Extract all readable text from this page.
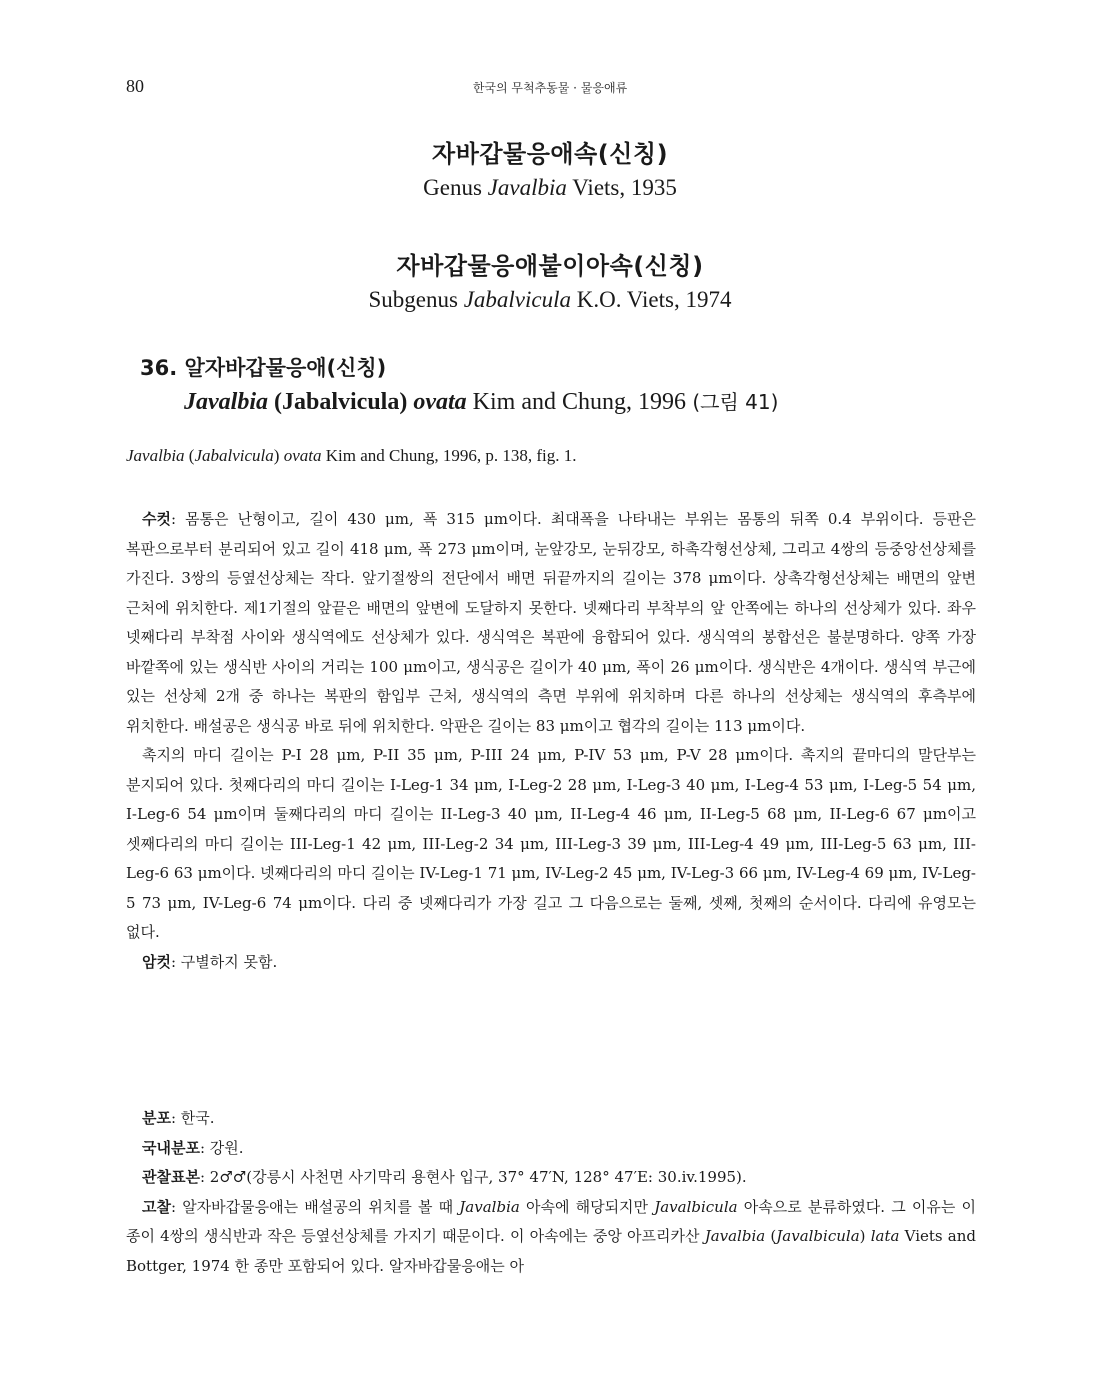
80	한국의 무척추동물 · 물응애류
자바갑물응애속(신칭)
Genus Javalbia Viets, 1935
자바갑물응애붙이아속(신칭)
Subgenus Jabalvicula K.O. Viets, 1974
36. 알자바갑물응애(신칭)
Javalbia (Jabalvicula) ovata Kim and Chung, 1996 (그림 41)
Javalbia (Jabalvicula) ovata Kim and Chung, 1996, p. 138, fig. 1.

수컷: 몸통은 난형이고, 길이 430 μm, 폭 315 μm이다. 최대폭을 나타내는 부위는 몸통의 뒤쪽 0.4 부위이다. 등판은 복판으로부터 분리되어 있고 길이 418 μm, 폭 273 μm이며, 눈앞강모, 눈뒤강모, 하촉각형선상체, 그리고 4쌍의 등중앙선상체를 가진다. 3쌍의 등옆선상체는 작다. 앞기절쌍의 전단에서 배면 뒤끝까지의 길이는 378 μm이다. 상촉각형선상체는 배면의 앞변 근처에 위치한다. 제1기절의 앞끝은 배면의 앞변에 도달하지 못한다. 넷째다리 부착부의 앞 안쪽에는 하나의 선상체가 있다. 좌우 넷째다리 부착점 사이와 생식역에도 선상체가 있다. 생식역은 복판에 융합되어 있다. 생식역의 봉합선은 불분명하다. 양쪽 가장 바깥쪽에 있는 생식반 사이의 거리는 100 μm이고, 생식공은 길이가 40 μm, 폭이 26 μm이다. 생식반은 4개이다. 생식역 부근에 있는 선상체 2개 중 하나는 복판의 함입부 근처, 생식역의 측면 부위에 위치하며 다른 하나의 선상체는 생식역의 후측부에 위치한다. 배설공은 생식공 바로 뒤에 위치한다. 악판은 길이는 83 μm이고 협각의 길이는 113 μm이다.

촉지의 마디 길이는 P-I 28 μm, P-II 35 μm, P-III 24 μm, P-IV 53 μm, P-V 28 μm이다. 촉지의 끝마디의 말단부는 분지되어 있다. 첫째다리의 마디 길이는 I-Leg-1 34 μm, I-Leg-2 28 μm, I-Leg-3 40 μm, I-Leg-4 53 μm, I-Leg-5 54 μm, I-Leg-6 54 μm이며 둘째다리의 마디 길이는 II-Leg-3 40 μm, II-Leg-4 46 μm, II-Leg-5 68 μm, II-Leg-6 67 μm이고 셋째다리의 마디 길이는 III-Leg-1 42 μm, III-Leg-2 34 μm, III-Leg-3 39 μm, III-Leg-4 49 μm, III-Leg-5 63 μm, III-Leg-6 63 μm이다. 넷째다리의 마디 길이는 IV-Leg-1 71 μm, IV-Leg-2 45 μm, IV-Leg-3 66 μm, IV-Leg-4 69 μm, IV-Leg-5 73 μm, IV-Leg-6 74 μm이다. 다리 중 넷째다리가 가장 길고 그 다음으로는 둘째, 셋째, 첫째의 순서이다. 다리에 유영모는 없다.

암컷: 구별하지 못함.

분포: 한국.

국내분포: 강원.

관찰표본: 2♂♂(강릉시 사천면 사기막리 용현사 입구, 37° 47′N, 128° 47′E: 30.iv.1995).

고찰: 알자바갑물응애는 배설공의 위치를 볼 때 Javalbia 아속에 해당되지만 Javalbicula 아속으로 분류하였다. 그 이유는 이 종이 4쌍의 생식반과 작은 등옆선상체를 가지기 때문이다. 이 아속에는 중앙 아프리카산 Javalbia (Javalbicula) lata Viets and Bottger, 1974 한 종만 포함되어 있다. 알자바갑물응애는 아
